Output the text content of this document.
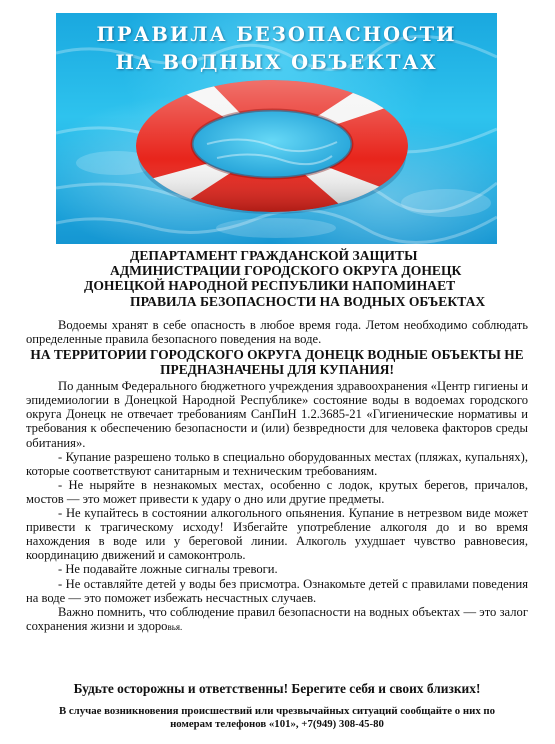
ПРАВИЛА БЕЗОПАСНОСТИ
НА ВОДНЫХ ОБЪЕКТАХ
ДЕПАРТАМЕНТ ГРАЖДАНСКОЙ ЗАЩИТЫ
АДМИНИСТРАЦИИ ГОРОДСКОГО ОКРУГА ДОНЕЦК
ДОНЕЦКОЙ НАРОДНОЙ РЕСПУБЛИКИ НАПОМИНАЕТ
ПРАВИЛА БЕЗОПАСНОСТИ НА ВОДНЫХ ОБЪЕКТАХ

Водоемы хранят в себе опасность в любое время года. Летом необходимо соблюдать определенные правила безопасного поведения на воде.

НА ТЕРРИТОРИИ ГОРОДСКОГО ОКРУГА ДОНЕЦК ВОДНЫЕ ОБЪЕКТЫ НЕ ПРЕДНАЗНАЧЕНЫ ДЛЯ КУПАНИЯ!

По данным Федерального бюджетного учреждения здравоохранения «Центр гигиены и эпидемиологии в Донецкой Народной Республике» состояние воды в водоемах городского округа Донецк не отвечает требованиям СанПиН 1.2.3685-21 «Гигиенические нормативы и требования к обеспечению безопасности и (или) безвредности для человека факторов среды обитания».

- Купание разрешено только в специально оборудованных местах (пляжах, купальнях), которые соответствуют санитарным и техническим требованиям.

- Не ныряйте в незнакомых местах, особенно с лодок, крутых берегов, причалов, мостов — это может привести к удару о дно или другие предметы.

- Не купайтесь в состоянии алкогольного опьянения. Купание в нетрезвом виде может привести к трагическому исходу! Избегайте употребление алкоголя до и во время нахождения в воде или у береговой линии. Алкоголь ухудшает чувство равновесия, координацию движений и самоконтроль.

- Не подавайте ложные сигналы тревоги.

- Не оставляйте детей у воды без присмотра. Ознакомьте детей с правилами поведения на воде — это поможет избежать несчастных случаев.

Важно помнить, что соблюдение правил безопасности на водных объектах — это залог сохранения жизни и здоровья.

Будьте осторожны и ответственны! Берегите себя и своих близких!
В случае возникновения происшествий или чрезвычайных ситуаций сообщайте о них по
номерам телефонов «101», +7(949) 308-45-80
